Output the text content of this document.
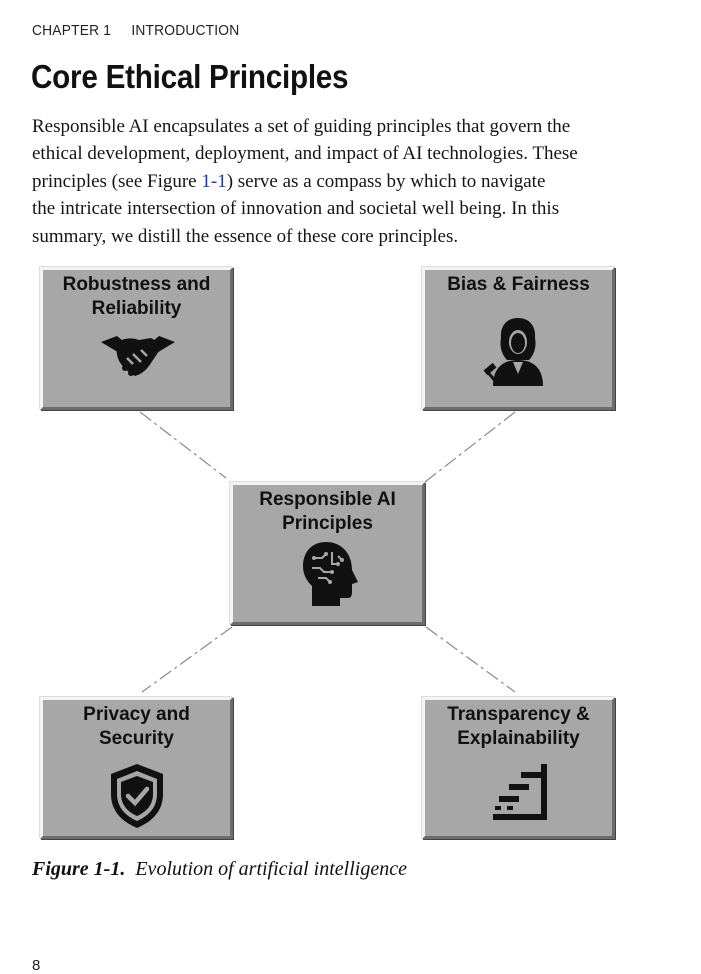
CHAPTER 1 INTRODUCTION
Core Ethical Principles

Responsible AI encapsulates a set of guiding principles that govern the
ethical development, deployment, and impact of AI technologies. These
principles (see Figure 1-1) serve as a compass by which to navigate
the intricate intersection of innovation and societal well being. In this
summary, we distill the essence of these core principles.

Robustness and
Reliability
Bias & Fairness
Responsible AI
Principles
Privacy and
Security
Transparency &
Explainability

Figure 1-1. Evolution of artificial intelligence

8
